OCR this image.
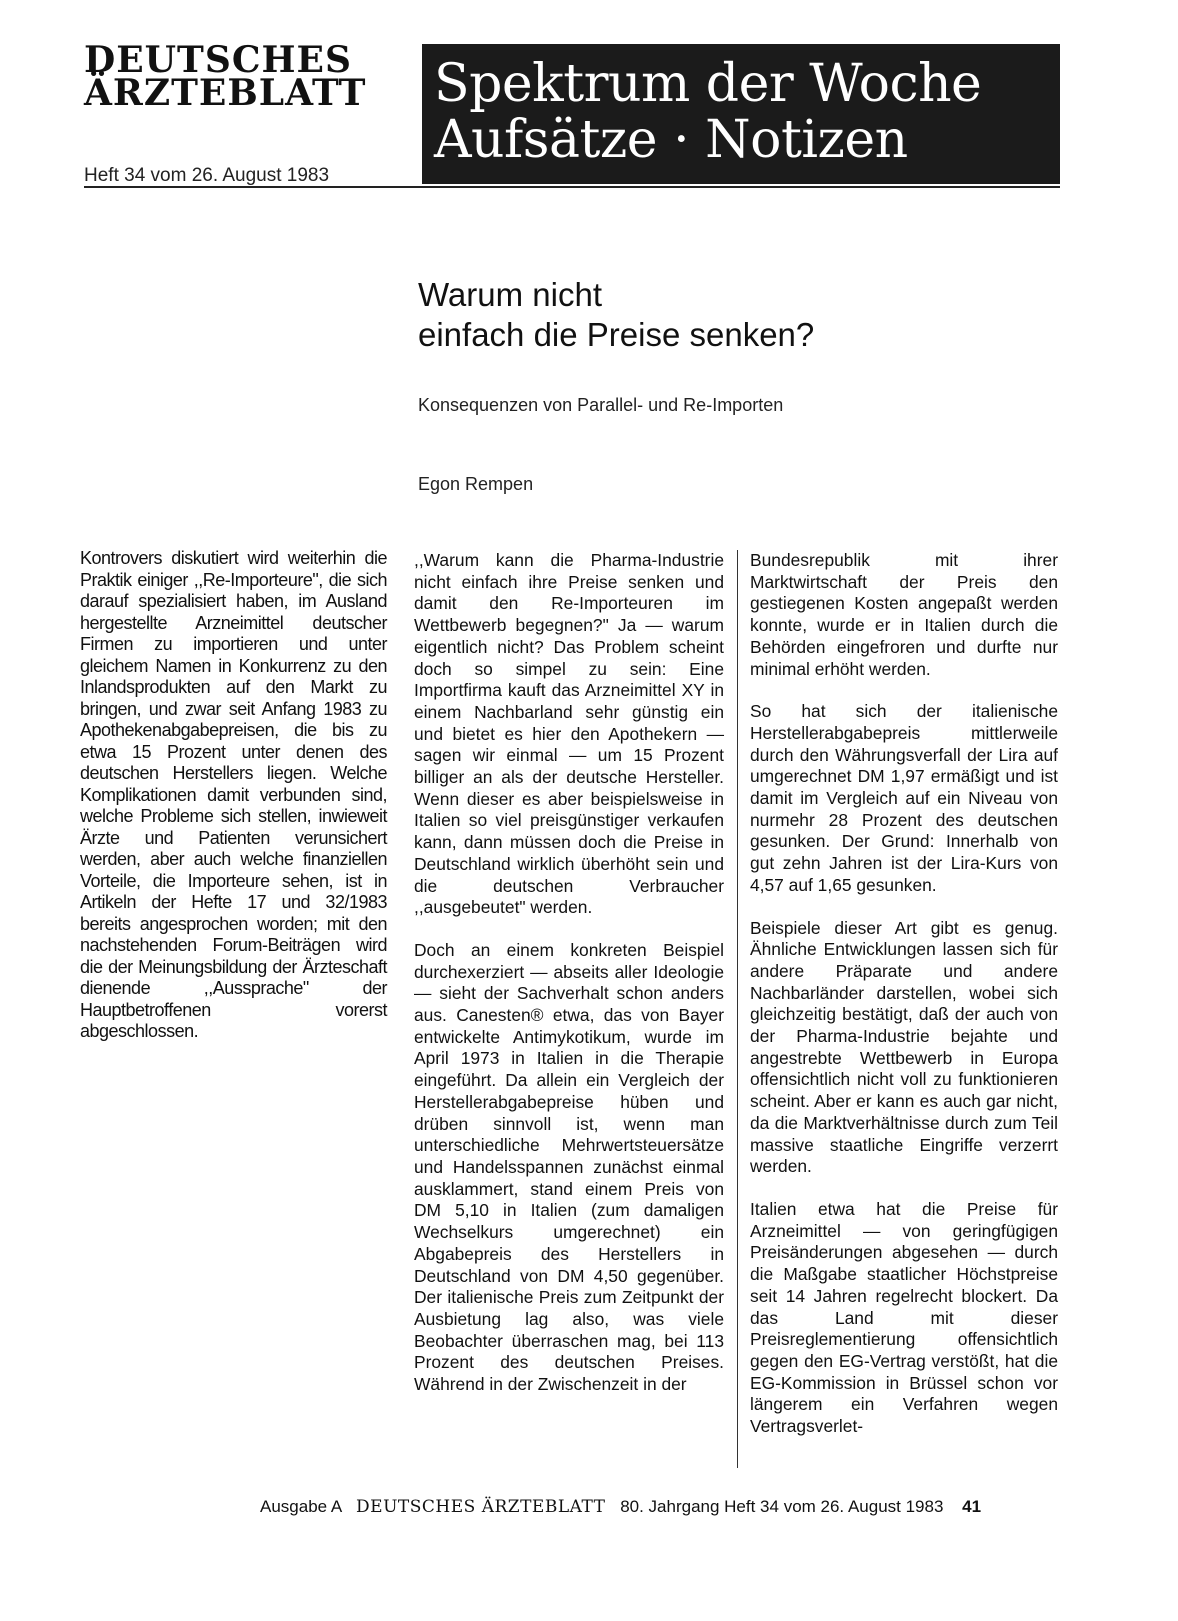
DEUTSCHES
ÄRZTEBLATT
Heft 34 vom 26. August 1983
Spektrum der Woche
Aufsätze · Notizen
Warum nicht
einfach die Preise senken?
Konsequenzen von Parallel- und Re-Importen
Egon Rempen

Kontrovers diskutiert wird weiterhin die Praktik einiger ,,Re-Importeure", die sich darauf spezialisiert haben, im Ausland hergestellte Arzneimittel deutscher Firmen zu importieren und unter gleichem Namen in Konkurrenz zu den Inlandsprodukten auf den Markt zu bringen, und zwar seit Anfang 1983 zu Apothekenabgabepreisen, die bis zu etwa 15 Prozent unter denen des deutschen Herstellers liegen. Welche Komplikationen damit verbunden sind, welche Probleme sich stellen, inwieweit Ärzte und Patienten verunsichert werden, aber auch welche finanziellen Vorteile, die Importeure sehen, ist in Artikeln der Hefte 17 und 32/1983 bereits angesprochen worden; mit den nachstehenden Forum-Beiträgen wird die der Meinungsbildung der Ärzteschaft dienende ,,Aussprache" der Hauptbetroffenen vorerst abgeschlossen.

,,Warum kann die Pharma-Industrie nicht einfach ihre Preise senken und damit den Re-Importeuren im Wettbewerb begegnen?" Ja — warum eigentlich nicht? Das Problem scheint doch so simpel zu sein: Eine Importfirma kauft das Arzneimittel XY in einem Nachbarland sehr günstig ein und bietet es hier den Apothekern — sagen wir einmal — um 15 Prozent billiger an als der deutsche Hersteller. Wenn dieser es aber beispielsweise in Italien so viel preisgünstiger verkaufen kann, dann müssen doch die Preise in Deutschland wirklich überhöht sein und die deutschen Verbraucher ,,ausgebeutet" werden.

Doch an einem konkreten Beispiel durchexerziert — abseits aller Ideologie — sieht der Sachverhalt schon anders aus. Canesten® etwa, das von Bayer entwickelte Antimykotikum, wurde im April 1973 in Italien in die Therapie eingeführt. Da allein ein Vergleich der Herstellerabgabepreise hüben und drüben sinnvoll ist, wenn man unterschiedliche Mehrwertsteuersätze und Handelsspannen zunächst einmal ausklammert, stand einem Preis von DM 5,10 in Italien (zum damaligen Wechselkurs umgerechnet) ein Abgabepreis des Herstellers in Deutschland von DM 4,50 gegenüber. Der italienische Preis zum Zeitpunkt der Ausbietung lag also, was viele Beobachter überraschen mag, bei 113 Prozent des deutschen Preises. Während in der Zwischenzeit in der

Bundesrepublik mit ihrer Marktwirtschaft der Preis den gestiegenen Kosten angepaßt werden konnte, wurde er in Italien durch die Behörden eingefroren und durfte nur minimal erhöht werden.

So hat sich der italienische Herstellerabgabepreis mittlerweile durch den Währungsverfall der Lira auf umgerechnet DM 1,97 ermäßigt und ist damit im Vergleich auf ein Niveau von nurmehr 28 Prozent des deutschen gesunken. Der Grund: Innerhalb von gut zehn Jahren ist der Lira-Kurs von 4,57 auf 1,65 gesunken.

Beispiele dieser Art gibt es genug. Ähnliche Entwicklungen lassen sich für andere Präparate und andere Nachbarländer darstellen, wobei sich gleichzeitig bestätigt, daß der auch von der Pharma-Industrie bejahte und angestrebte Wettbewerb in Europa offensichtlich nicht voll zu funktionieren scheint. Aber er kann es auch gar nicht, da die Marktverhältnisse durch zum Teil massive staatliche Eingriffe verzerrt werden.

Italien etwa hat die Preise für Arzneimittel — von geringfügigen Preisänderungen abgesehen — durch die Maßgabe staatlicher Höchstpreise seit 14 Jahren regelrecht blockert. Da das Land mit dieser Preisreglementierung offensichtlich gegen den EG-Vertrag verstößt, hat die EG-Kommission in Brüssel schon vor längerem ein Verfahren wegen Vertragsverlet-

Ausgabe A DEUTSCHES ÄRZTEBLATT 80. Jahrgang Heft 34 vom 26. August 1983 41
